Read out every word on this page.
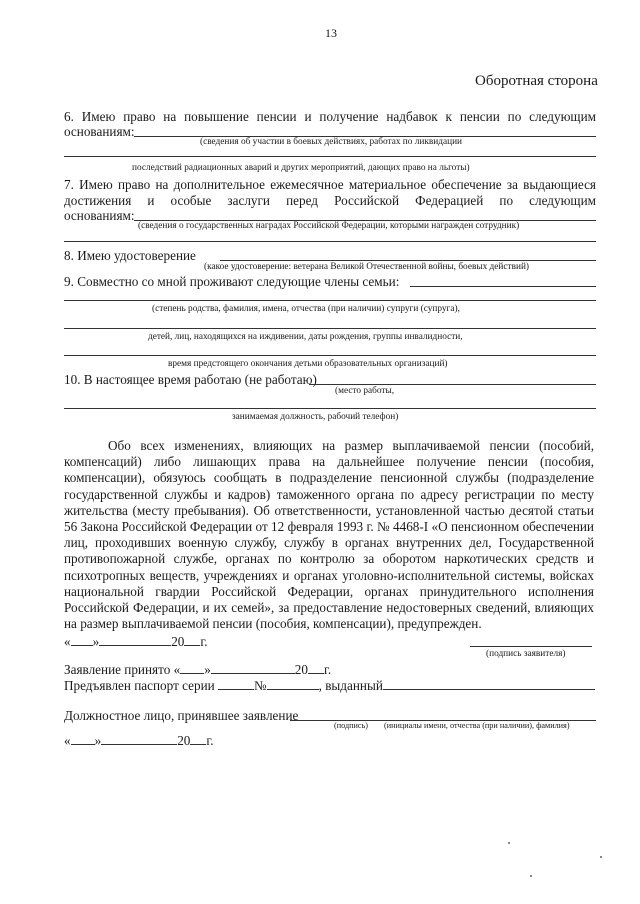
13
Оборотная сторона
6. Имею право на повышение пенсии и получение надбавок к пенсии по следующим
основаниям:
(сведения об участии в боевых действиях, работах по ликвидации
последствий радиационных аварий и других мероприятий, дающих право на льготы)
7. Имею право на дополнительное ежемесячное материальное обеспечение за выдающиеся
достижения и особые заслуги перед Российской Федерацией по следующим
основаниям:
(сведения о государственных наградах Российской Федерации, которыми награжден сотрудник)
8. Имею удостоверение
(какое удостоверение: ветерана Великой Отечественной войны, боевых действий)
9. Совместно со мной проживают следующие члены семьи:
(степень родства, фамилия, имена, отчества (при наличии) супруги (супруга),
детей, лиц, находящихся на иждивении, даты рождения, группы инвалидности,
время предстоящего окончания детьми образовательных организаций)
10. В настоящее время работаю (не работаю)
(место работы,
занимаемая должность, рабочий телефон)
Обо всех изменениях, влияющих на размер выплачиваемой пенсии (пособий, компенсаций) либо лишающих права на дальнейшее получение пенсии (пособия, компенсации), обязуюсь сообщать в подразделение пенсионной службы (подразделение государственной службы и кадров) таможенного органа по адресу регистрации по месту жительства (месту пребывания). Об ответственности, установленной частью десятой статьи 56 Закона Российской Федерации от 12 февраля 1993 г. № 4468-I «О пенсионном обеспечении лиц, проходивших военную службу, службу в органах внутренних дел, Государственной противопожарной службе, органах по контролю за оборотом наркотических средств и психотропных веществ, учреждениях и органах уголовно-исполнительной системы, войсках национальной гвардии Российской Федерации, органах принудительного исполнения Российской Федерации, и их семей», за предоставление недостоверных сведений, влияющих на размер выплачиваемой пенсии (пособия, компенсации), предупрежден.
« »	20 г.
(подпись заявителя)
Заявление принято « »	20 г.
Предъявлен паспорт серии	№	, выданный
Должностное лицо, принявшее заявление
(подпись) (инициалы имени, отчества (при наличии), фамилия)
« »	20 г.
